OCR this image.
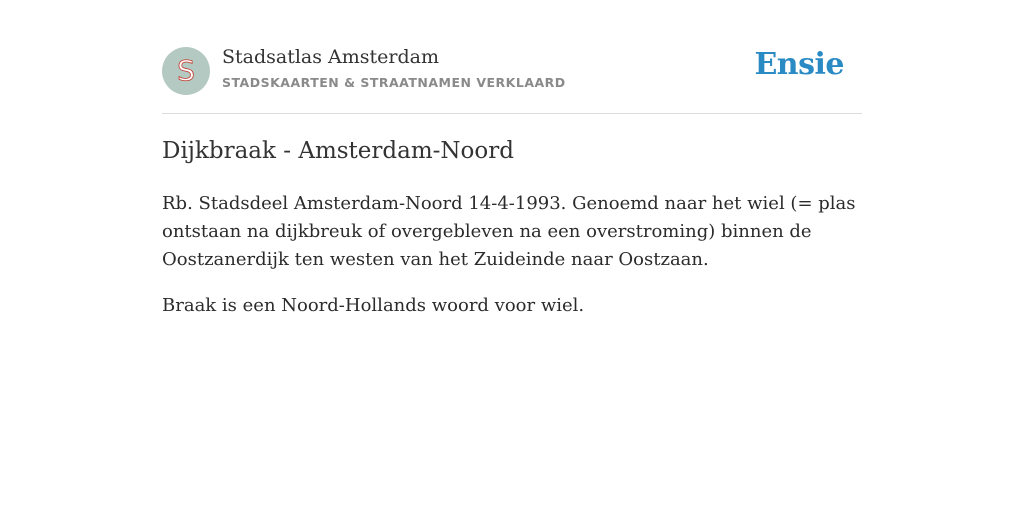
S Stadsatlas Amsterdam
STADSKAARTEN & STRAATNAMEN VERKLAARD
Ensie
Dijkbraak - Amsterdam-Noord

Rb. Stadsdeel Amsterdam-Noord 14-4-1993. Genoemd naar het wiel (= plas ontstaan na dijkbreuk of overgebleven na een overstroming) binnen de Oostzanerdijk ten westen van het Zuideinde naar Oostzaan.

Braak is een Noord-Hollands woord voor wiel.
